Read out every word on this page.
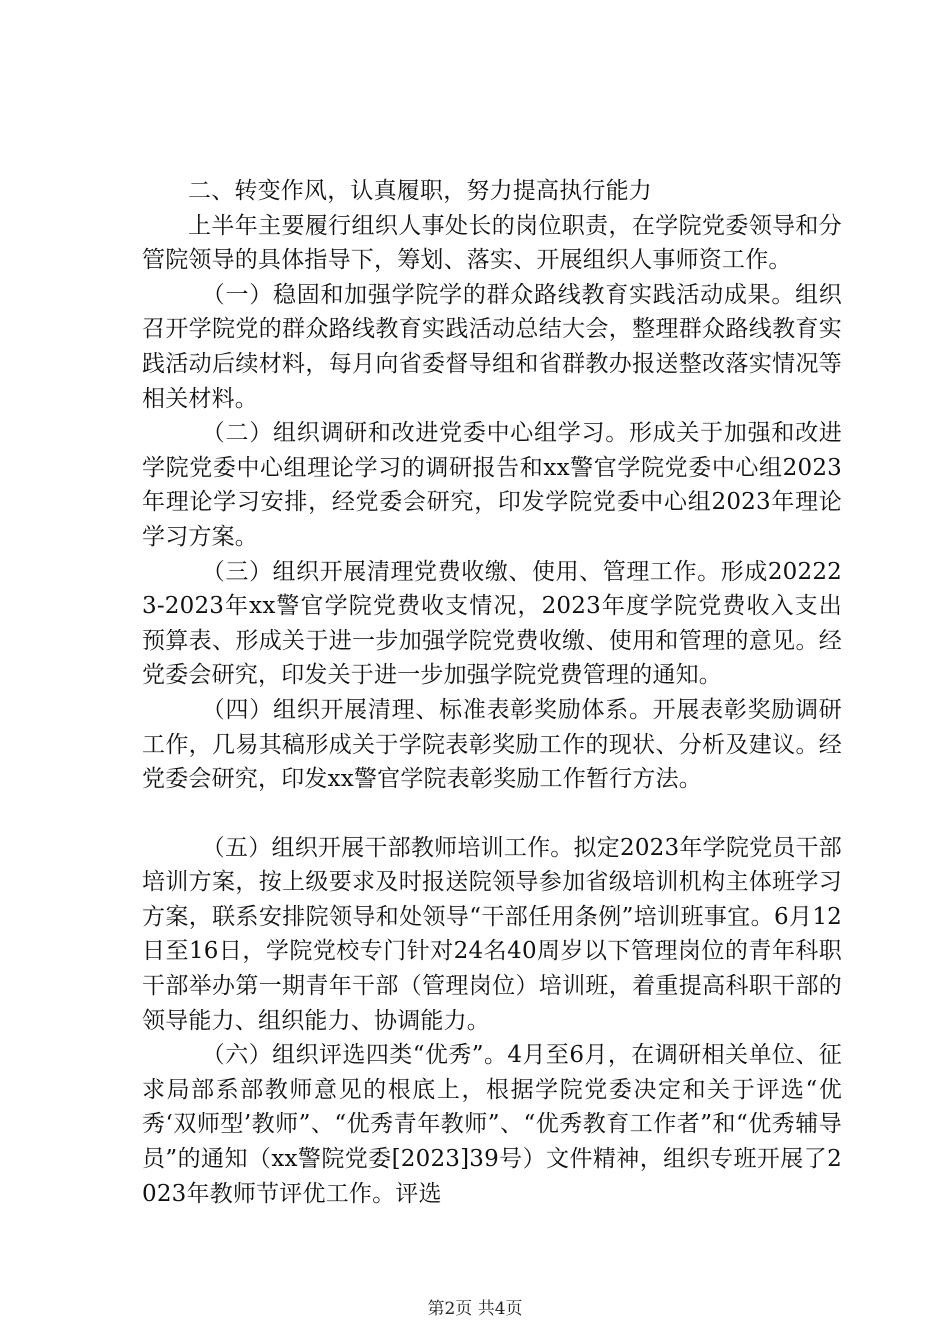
二、转变作风，认真履职，努力提高执行能力

上半年主要履行组织人事处长的岗位职责，在学院党委领导和分管院领导的具体指导下，筹划、落实、开展组织人事师资工作。

（一）稳固和加强学院学的群众路线教育实践活动成果。组织召开学院党的群众路线教育实践活动总结大会，整理群众路线教育实践活动后续材料，每月向省委督导组和省群教办报送整改落实情况等相关材料。

（二）组织调研和改进党委中心组学习。形成关于加强和改进学院党委中心组理论学习的调研报告和xx警官学院党委中心组2023年理论学习安排，经党委会研究，印发学院党委中心组2023年理论学习方案。

（三）组织开展清理党费收缴、使用、管理工作。形成202223-2023年xx警官学院党费收支情况，2023年度学院党费收入支出预算表、形成关于进一步加强学院党费收缴、使用和管理的意见。经党委会研究，印发关于进一步加强学院党费管理的通知。

（四）组织开展清理、标准表彰奖励体系。开展表彰奖励调研工作，几易其稿形成关于学院表彰奖励工作的现状、分析及建议。经党委会研究，印发xx警官学院表彰奖励工作暂行方法。

（五）组织开展干部教师培训工作。拟定2023年学院党员干部培训方案，按上级要求及时报送院领导参加省级培训机构主体班学习方案，联系安排院领导和处领导“干部任用条例”培训班事宜。6月12日至16日，学院党校专门针对24名40周岁以下管理岗位的青年科职干部举办第一期青年干部（管理岗位）培训班，着重提高科职干部的领导能力、组织能力、协调能力。

（六）组织评选四类“优秀”。4月至6月，在调研相关单位、征求局部系部教师意见的根底上，根据学院党委决定和关于评选“优秀‘双师型’教师”、“优秀青年教师”、“优秀教育工作者”和“优秀辅导员”的通知（xx警院党委[2023]39号）文件精神，组织专班开展了2023年教师节评优工作。评选

第2页 共4页
